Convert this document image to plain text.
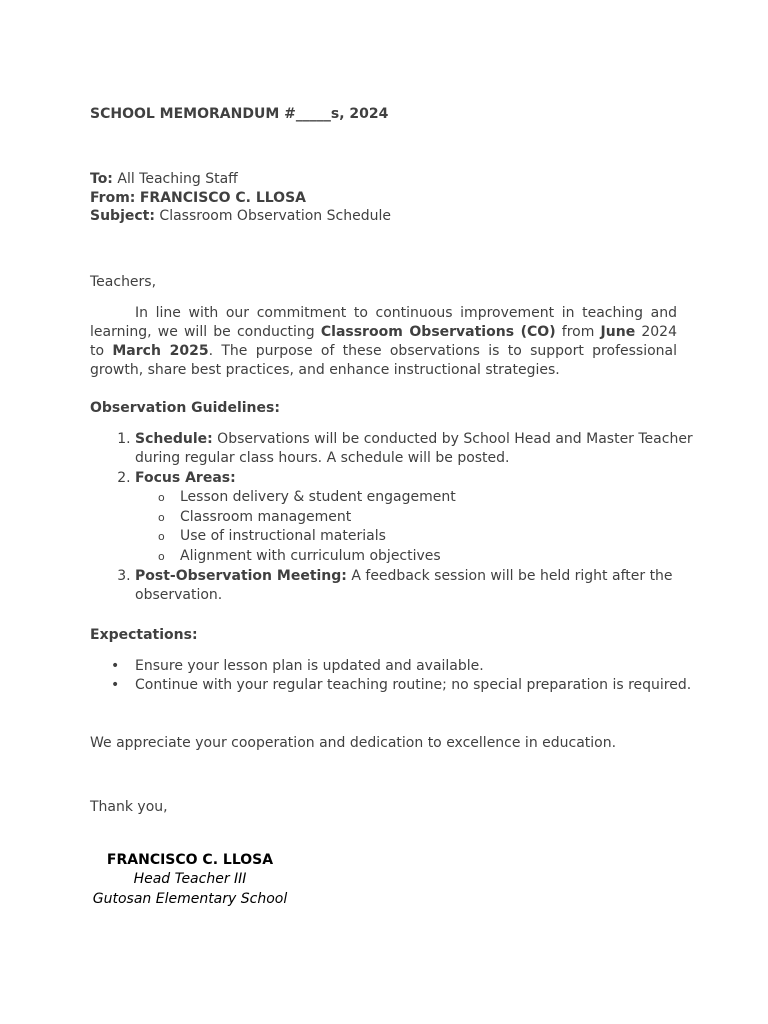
SCHOOL MEMORANDUM #_____s, 2024

To: All Teaching Staff
From: FRANCISCO C. LLOSA
Subject: Classroom Observation Schedule
Teachers,

In line with our commitment to continuous improvement in teaching and learning, we will be conducting Classroom Observations (CO) from June 2024 to March 2025. The purpose of these observations is to support professional growth, share best practices, and enhance instructional strategies.

Observation Guidelines:

1. Schedule: Observations will be conducted by School Head and Master Teacher during regular class hours. A schedule will be posted.
2. Focus Areas:
o Lesson delivery & student engagement
o Classroom management
o Use of instructional materials
o Alignment with curriculum objectives
3. Post-Observation Meeting: A feedback session will be held right after the observation.

Expectations:

• Ensure your lesson plan is updated and available.
• Continue with your regular teaching routine; no special preparation is required.
We appreciate your cooperation and dedication to excellence in education.
Thank you,
FRANCISCO C. LLOSA
Head Teacher III
Gutosan Elementary School
